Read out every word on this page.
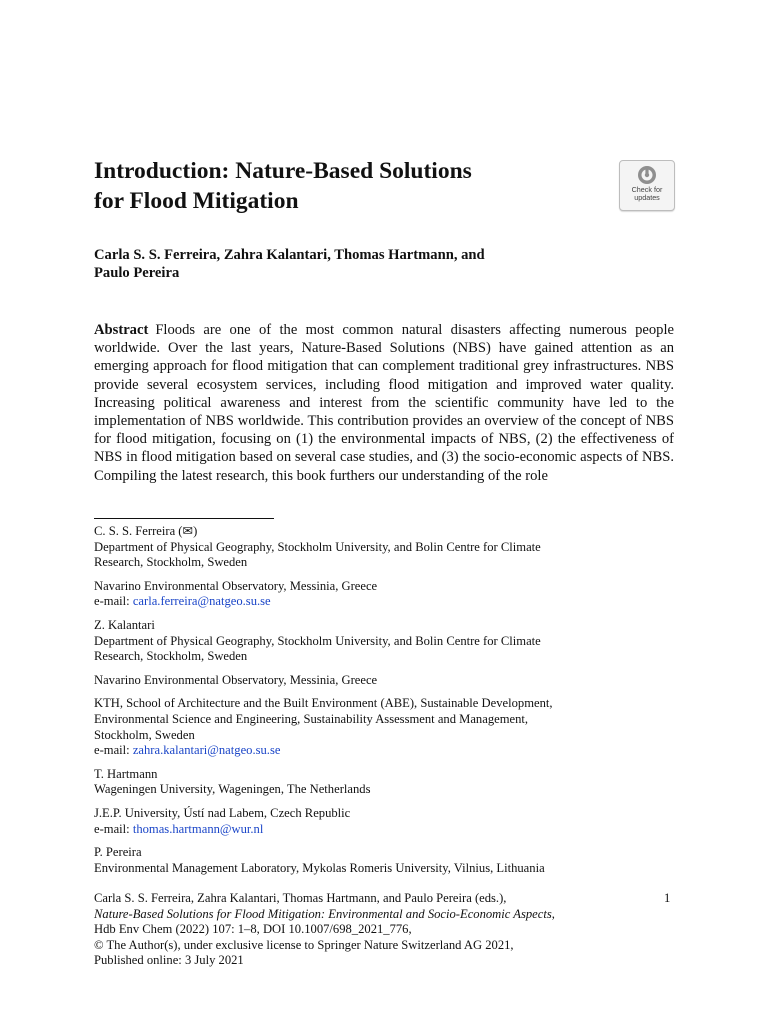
Introduction: Nature-Based Solutions
for Flood Mitigation	Check for
updates
Carla S. S. Ferreira, Zahra Kalantari, Thomas Hartmann, and
Paulo Pereira

Abstract Floods are one of the most common natural disasters affecting numerous people worldwide. Over the last years, Nature-Based Solutions (NBS) have gained attention as an emerging approach for flood mitigation that can complement traditional grey infrastructures. NBS provide several ecosystem services, including flood mitigation and improved water quality. Increasing political awareness and interest from the scientific community have led to the implementation of NBS worldwide. This contribution provides an overview of the concept of NBS for flood mitigation, focusing on (1) the environmental impacts of NBS, (2) the effectiveness of NBS in flood mitigation based on several case studies, and (3) the socio-economic aspects of NBS. Compiling the latest research, this book furthers our understanding of the role

C. S. S. Ferreira (✉)
Department of Physical Geography, Stockholm University, and Bolin Centre for Climate
Research, Stockholm, Sweden
Navarino Environmental Observatory, Messinia, Greece
e-mail: carla.ferreira@natgeo.su.se
Z. Kalantari
Department of Physical Geography, Stockholm University, and Bolin Centre for Climate
Research, Stockholm, Sweden
Navarino Environmental Observatory, Messinia, Greece
KTH, School of Architecture and the Built Environment (ABE), Sustainable Development,
Environmental Science and Engineering, Sustainability Assessment and Management,
Stockholm, Sweden
e-mail: zahra.kalantari@natgeo.su.se
T. Hartmann
Wageningen University, Wageningen, The Netherlands
J.E.P. University, Ústí nad Labem, Czech Republic
e-mail: thomas.hartmann@wur.nl
P. Pereira
Environmental Management Laboratory, Mykolas Romeris University, Vilnius, Lithuania
Carla S. S. Ferreira, Zahra Kalantari, Thomas Hartmann, and Paulo Pereira (eds.),
Nature-Based Solutions for Flood Mitigation: Environmental and Socio-Economic Aspects,
Hdb Env Chem (2022) 107: 1–8, DOI 10.1007/698_2021_776,
© The Author(s), under exclusive license to Springer Nature Switzerland AG 2021,
Published online: 3 July 2021
1
